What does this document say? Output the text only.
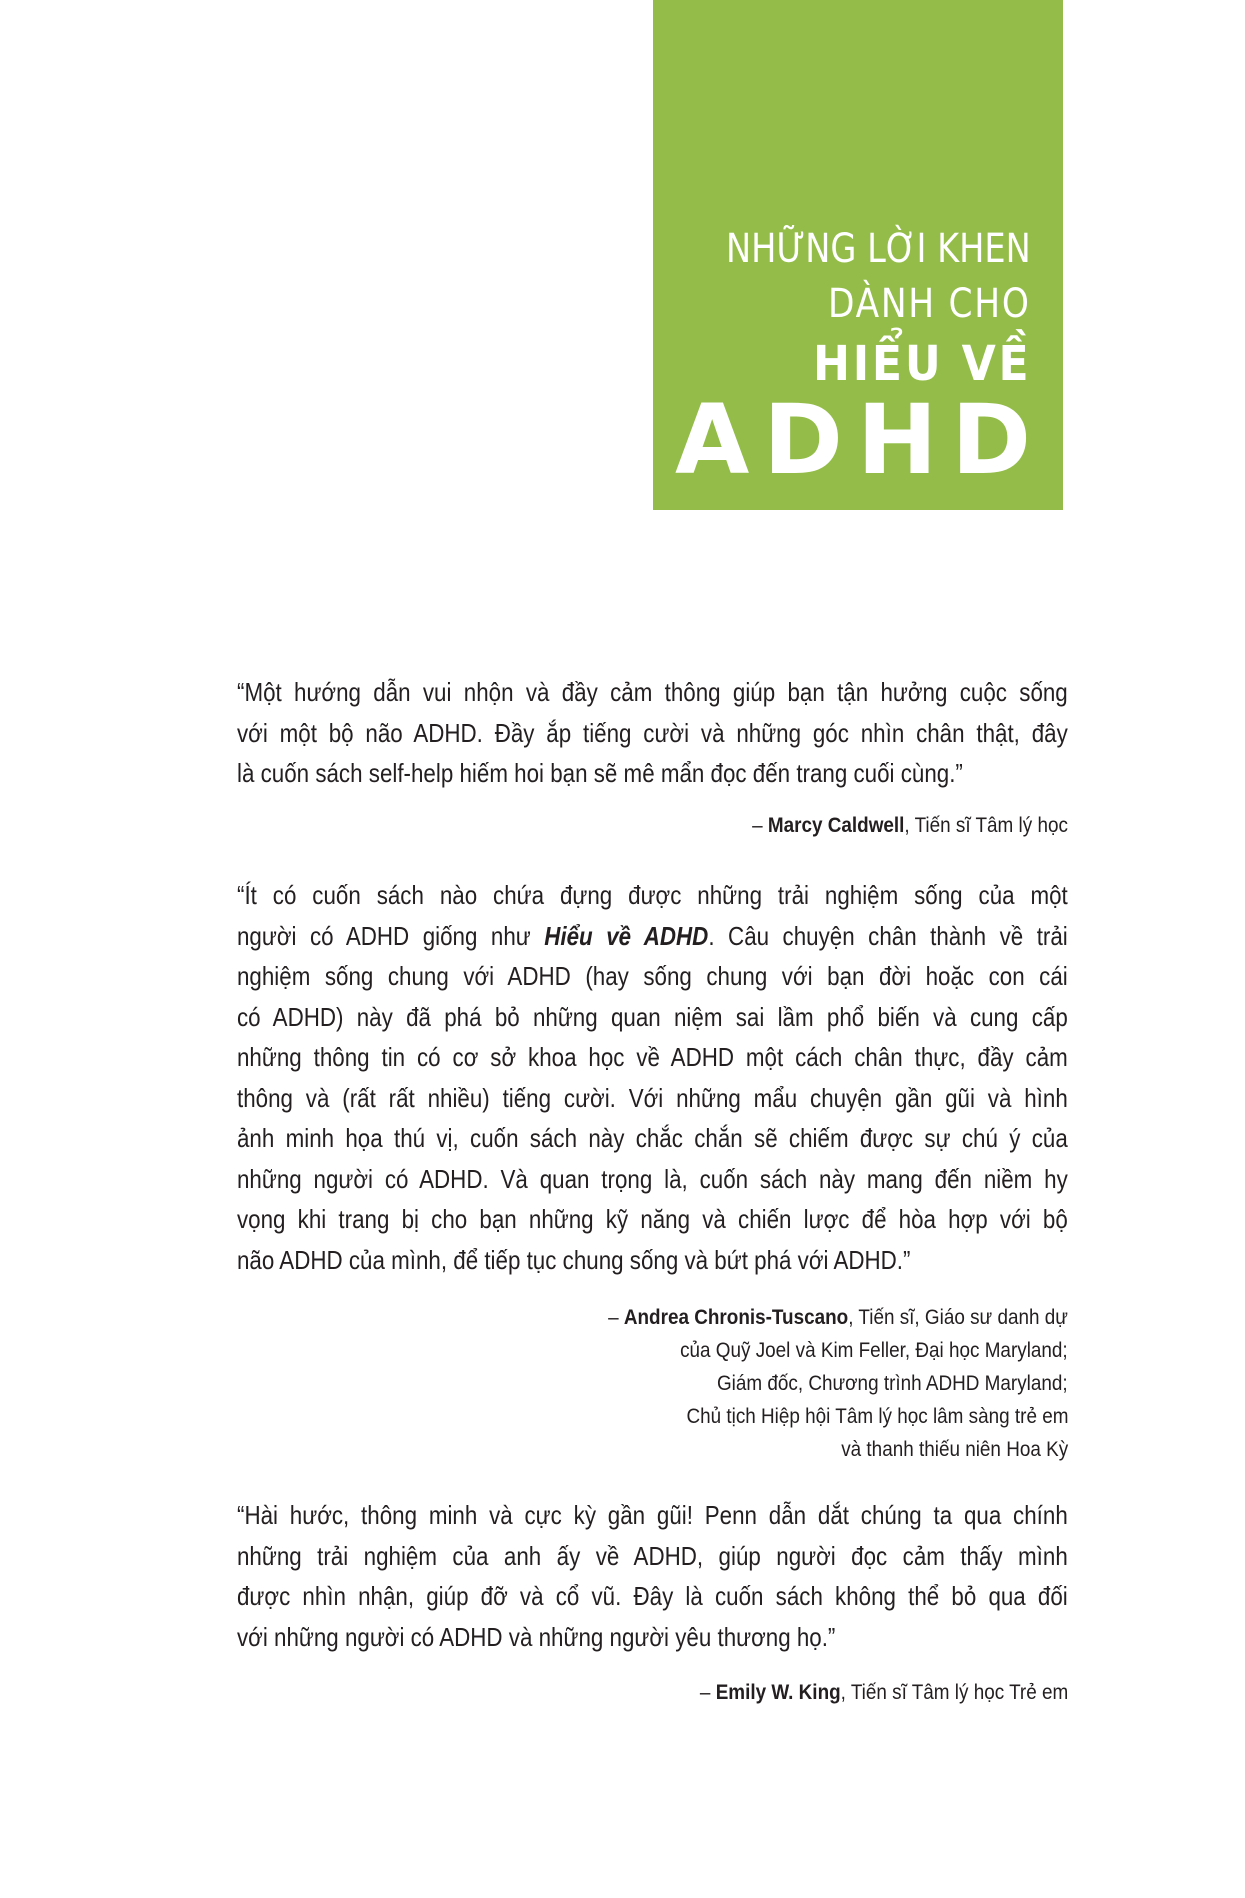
NHỮNG LỜI KHEN
DÀNH CHO
HIỂU VỀ
ADHD
“Một hướng dẫn vui nhộn và đầy cảm thông giúp bạn tận hưởng cuộc sống
với một bộ não ADHD. Đầy ắp tiếng cười và những góc nhìn chân thật, đây
là cuốn sách self-help hiếm hoi bạn sẽ mê mẩn đọc đến trang cuối cùng.”
– Marcy Caldwell, Tiến sĩ Tâm lý học
“Ít có cuốn sách nào chứa đựng được những trải nghiệm sống của một
người có ADHD giống như Hiểu về ADHD. Câu chuyện chân thành về trải
nghiệm sống chung với ADHD (hay sống chung với bạn đời hoặc con cái
có ADHD) này đã phá bỏ những quan niệm sai lầm phổ biến và cung cấp
những thông tin có cơ sở khoa học về ADHD một cách chân thực, đầy cảm
thông và (rất rất nhiều) tiếng cười. Với những mẩu chuyện gần gũi và hình
ảnh minh họa thú vị, cuốn sách này chắc chắn sẽ chiếm được sự chú ý của
những người có ADHD. Và quan trọng là, cuốn sách này mang đến niềm hy
vọng khi trang bị cho bạn những kỹ năng và chiến lược để hòa hợp với bộ
não ADHD của mình, để tiếp tục chung sống và bứt phá với ADHD.”
– Andrea Chronis-Tuscano, Tiến sĩ, Giáo sư danh dự
của Quỹ Joel và Kim Feller, Đại học Maryland;
Giám đốc, Chương trình ADHD Maryland;
Chủ tịch Hiệp hội Tâm lý học lâm sàng trẻ em
và thanh thiếu niên Hoa Kỳ
“Hài hước, thông minh và cực kỳ gần gũi! Penn dẫn dắt chúng ta qua chính
những trải nghiệm của anh ấy về ADHD, giúp người đọc cảm thấy mình
được nhìn nhận, giúp đỡ và cổ vũ. Đây là cuốn sách không thể bỏ qua đối
với những người có ADHD và những người yêu thương họ.”
– Emily W. King, Tiến sĩ Tâm lý học Trẻ em
